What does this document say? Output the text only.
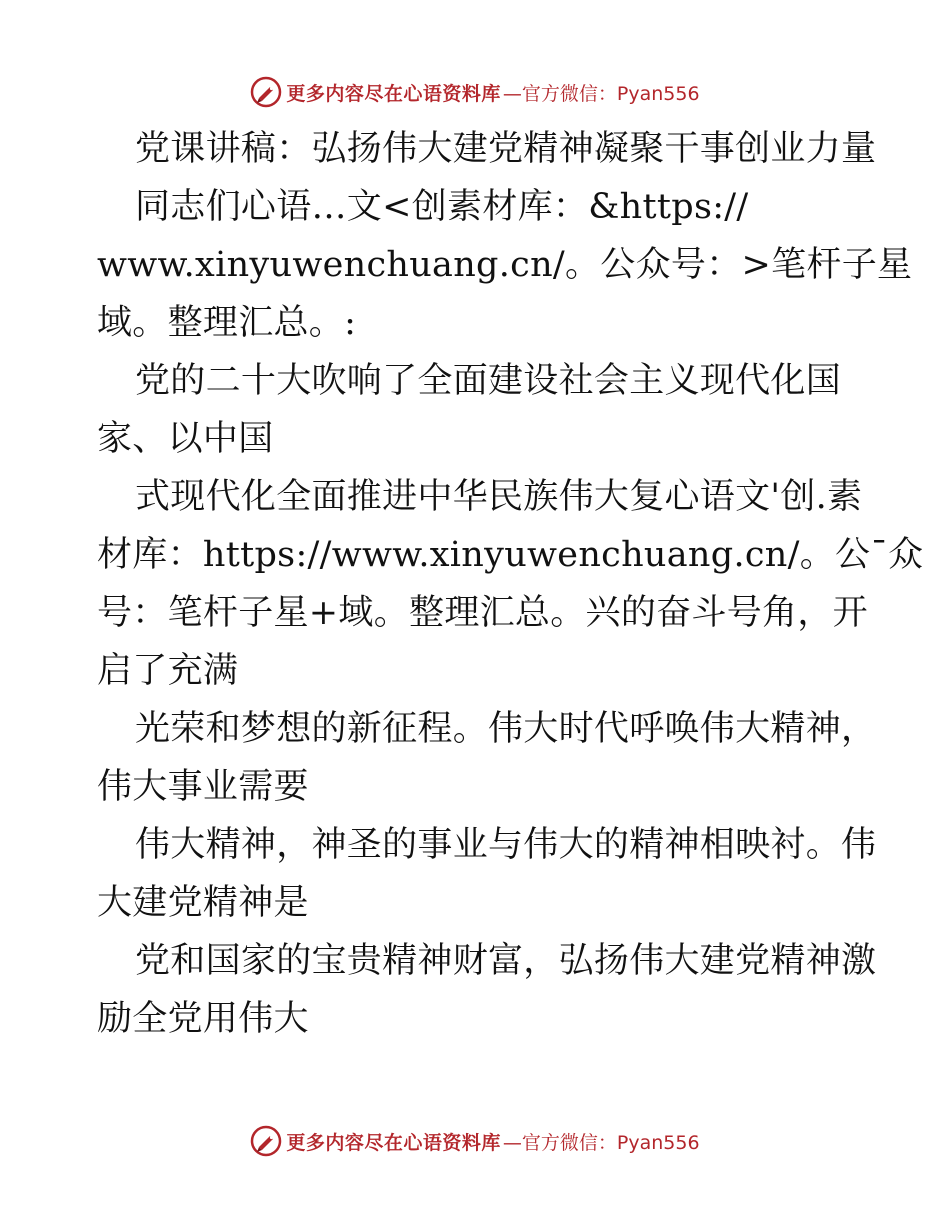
更多内容尽在心语资料库 —官方微信：Pyan556
党课讲稿：弘扬伟大建党精神凝聚干事创业力量
同志们心语…文<创素材库：&https://
www.xinyuwenchuang.cn/。公众号：>笔杆子星
域。整理汇总。:
党的二十大吹响了全面建设社会主义现代化国
家、以中国
式现代化全面推进中华民族伟大复心语文'创.素
材库：https://www.xinyuwenchuang.cn/。公¯众
号：笔杆子星+域。整理汇总。兴的奋斗号角，开
启了充满
光荣和梦想的新征程。伟大时代呼唤伟大精神，
伟大事业需要
伟大精神，神圣的事业与伟大的精神相映衬。伟
大建党精神是
党和国家的宝贵精神财富，弘扬伟大建党精神激
励全党用伟大
更多内容尽在心语资料库 —官方微信：Pyan556
